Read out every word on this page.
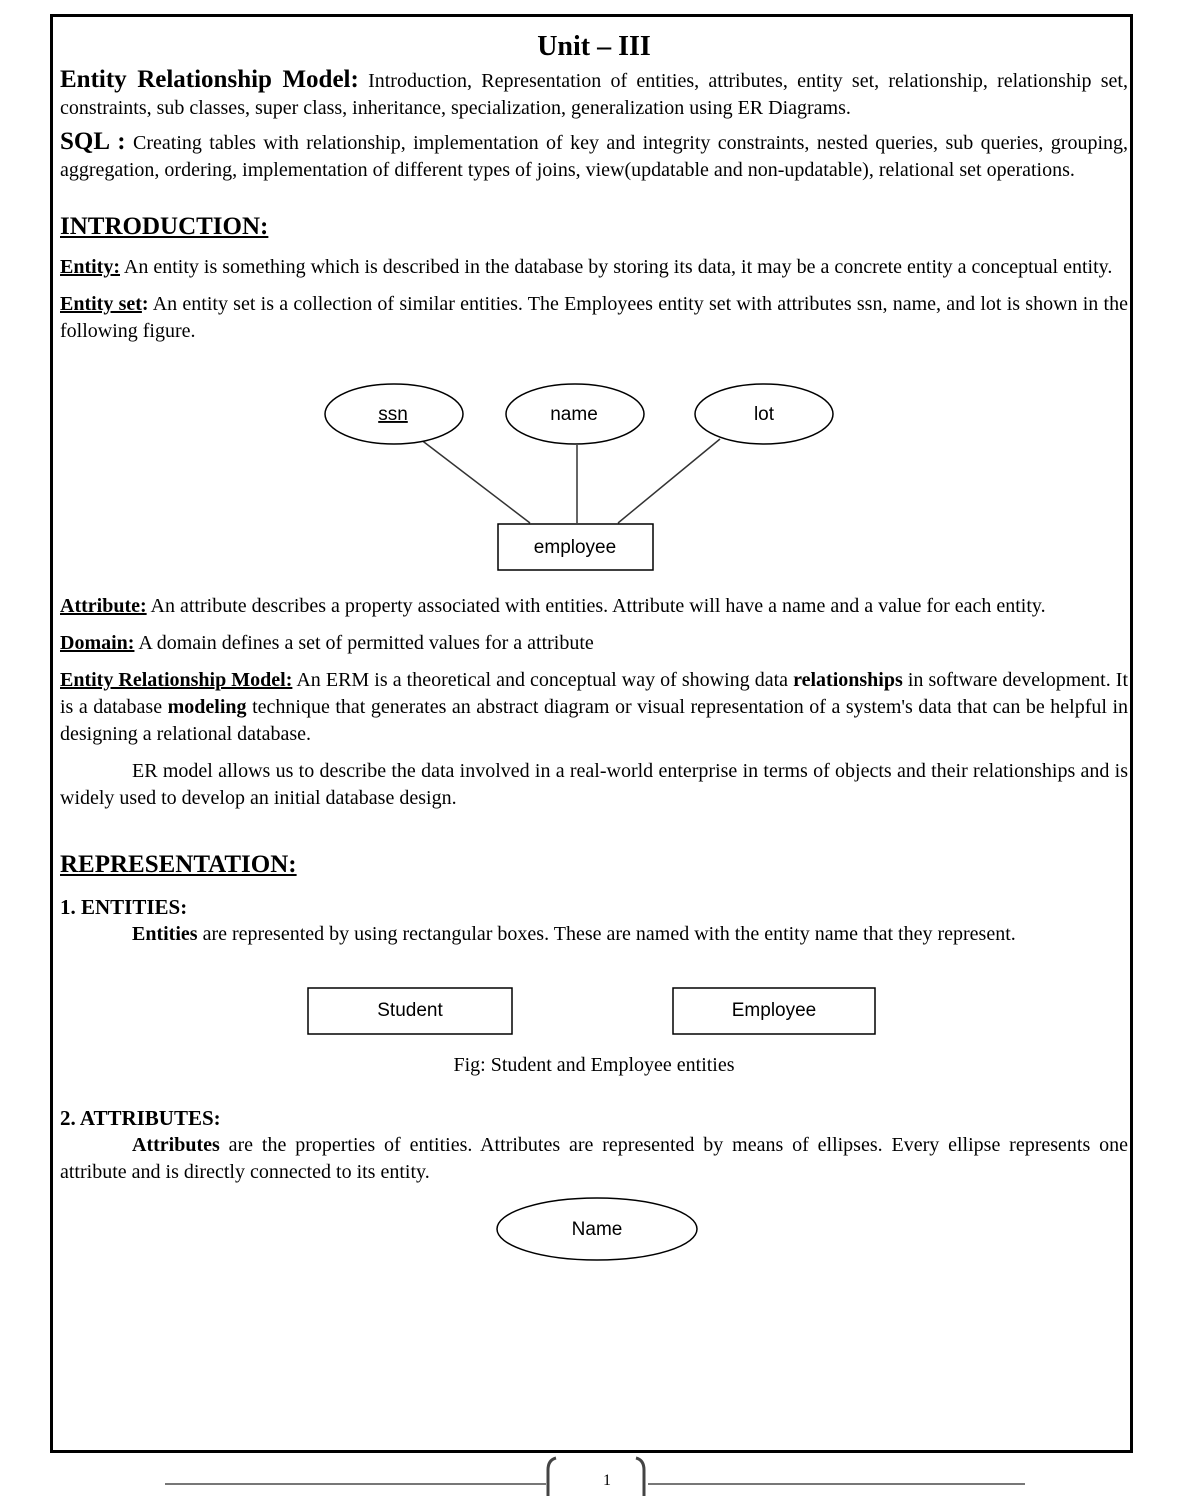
Unit – III

Entity Relationship Model: Introduction, Representation of entities, attributes, entity set, relationship, relationship set, constraints, sub classes, super class, inheritance, specialization, generalization using ER Diagrams.

SQL : Creating tables with relationship, implementation of key and integrity constraints, nested queries, sub queries, grouping, aggregation, ordering, implementation of different types of joins, view(updatable and non-updatable), relational set operations.

INTRODUCTION:

Entity: An entity is something which is described in the database by storing its data, it may be a concrete entity a conceptual entity.

Entity set: An entity set is a collection of similar entities. The Employees entity set with attributes ssn, name, and lot is shown in the following figure.

ssn	name	lot
employee

Attribute: An attribute describes a property associated with entities. Attribute will have a name and a value for each entity.

Domain: A domain defines a set of permitted values for a attribute

Entity Relationship Model: An ERM is a theoretical and conceptual way of showing data relationships in software development. It is a database modeling technique that generates an abstract diagram or visual representation of a system's data that can be helpful in designing a relational database.

ER model allows us to describe the data involved in a real-world enterprise in terms of objects and their relationships and is widely used to develop an initial database design.

REPRESENTATION:
1. ENTITIES:

Entities are represented by using rectangular boxes. These are named with the entity name that they represent.

Student	Employee
Fig: Student and Employee entities
2. ATTRIBUTES:

Attributes are the properties of entities. Attributes are represented by means of ellipses. Every ellipse represents one attribute and is directly connected to its entity.

Name
1
